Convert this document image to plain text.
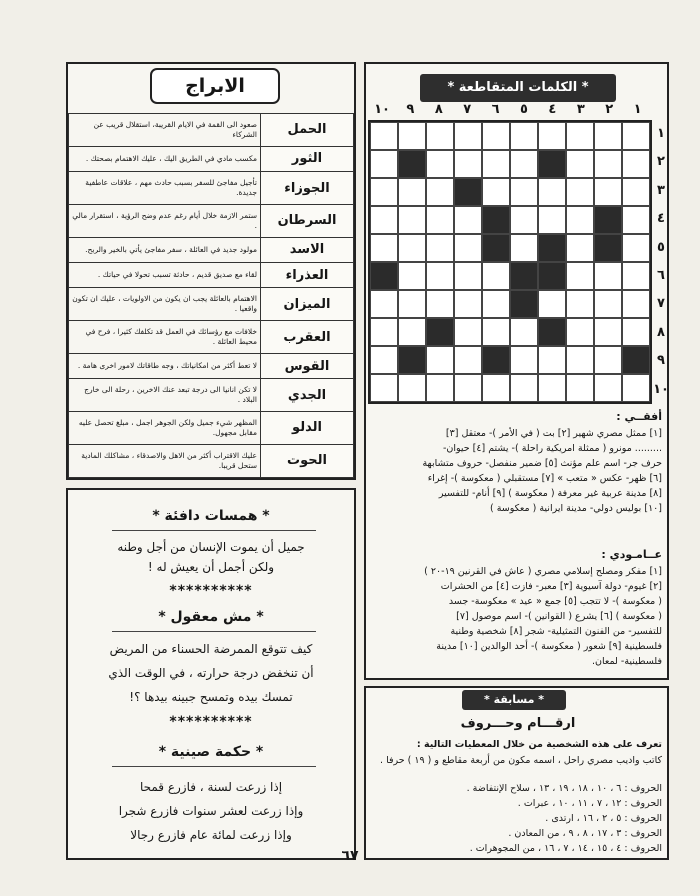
الابراج
الحمل	صعود الى القمة في الايام القريبة، استقلال قريب عن الشركاء
الثور	مكسب مادي في الطريق اليك ، عليك الاهتمام بصحتك .
الجوزاء	تأجيل مفاجئ للسفر بسبب حادث مهم ، علاقات عاطفية جديدة.
السرطان	ستمر الازمة خلال أيام رغم عدم وضح الرؤية ، استقرار مالي .
الاسد	مولود جديد في العائلة ، سفر مفاجئ يأتي بالخير والربح.
العذراء	لقاء مع صديق قديم ، حادثة تسبب تحولا في حياتك .
الميزان	الاهتمام بالعائلة يجب ان يكون من الاولويات ، عليك ان تكون واقعيا .
العقرب	خلافات مع رؤسائك في العمل قد تكلفك كثيرا ، فرح في محيط العائلة .
القوس	لا تعط أكثر من امكانياتك ، وجه طاقاتك لامور اخرى هامة .
الجدي	لا تكن انانيا الى درجة تبعد عنك الاخرين ، رحلة الى خارج البلاد .
الدلو	المظهر شيء جميل ولكن الجوهر اجمل ، مبلغ تحصل عليه مقابل مجهول.
الحوت	عليك الاقتراب أكثر من الاهل والاصدقاء ، مشاكلك المادية ستحل قريبا.
* همسات دافئة *
جميل أن يموت الإنسان من أجل وطنه
ولكن أجمل أن يعيش له !
**********
* مش معقول *
كيف تتوقع الممرضة الحسناء من المريض
أن تنخفض درجة حرارته ، في الوقت الذي
تمسك بيده وتمسح جبينه بيدها ؟!
**********
* حكمة صينية *
إذا زرعت لسنة ، فازرع قمحا
وإذا زرعت لعشر سنوات فازرع شجرا
وإذا زرعت لمائة عام فازرع رجالا
٦٧
* الكلمات المتقاطعة *
١٠	٩	٨	٧	٦	٥	٤	٣	٢	١
١
٢
٣
٤
٥
٦
٧
٨
٩
١٠
أفقــي :
[١] ممثل مصري شهير [٢] بت ( في الأمر )- معتقل [٣]
......... مونرو ( ممثلة امريكية راحلة )- يشتم [٤] حيوان-
حرف جر- اسم علم مؤنث [٥] ضمير منفصل- حروف متشابهة
[٦] ظهر- عكس « متعب » [٧] مستقبلي ( معكوسة )- إغراء
[٨] مدينة عربية غير معرفة ( معكوسة ) [٩] أنام- للتفسير
[١٠] بوليس دولي- مدينة ايرانية ( معكوسة )
عــامـودي :
[١] مفكر ومصلح إسلامي مصري ( عاش في القرنين ١٩-٢٠ )
[٢] غيوم- دولة آسيوية [٣] معبر- فازت [٤] من الحشرات
( معكوسة )- لا تتجب [٥] جمع « عيد » معكوسة- جسد
( معكوسة ) [٦] يشرع ( القوانين )- اسم موصول [٧]
للتفسير- من الفنون التمثيلية- شجر [٨] شخصية وطنية
فلسطينية [٩] شعور ( معكوسة )- أحد الوالدين [١٠] مدينة
فلسطينية- لمعان.
* مسابقة *
ارقـــام وحـــروف
تعرف على هذه الشخصية من خلال المعطيات التالية :
كاتب واديب مصري راحل ، اسمه مكون من أربعة مقاطع و ( ١٩ ) حرفا .
الحروف : ٦ ، ١٠ ، ١٨ ، ١٩ ، ١٣ ، سلاح الإنتفاضة .
الحروف : ١٢ ، ٧ ، ١١ ، ١٠ ، عبرات .
الحروف : ٥ ، ٢ ، ١٦ ، ارتدى .
الحروف : ٣ ، ١٧ ، ٨ ، ٩ ، من المعادن .
الحروف : ٤ ، ١٥ ، ١٤ ، ٧ ، ١٦ ، من المجوهرات .
